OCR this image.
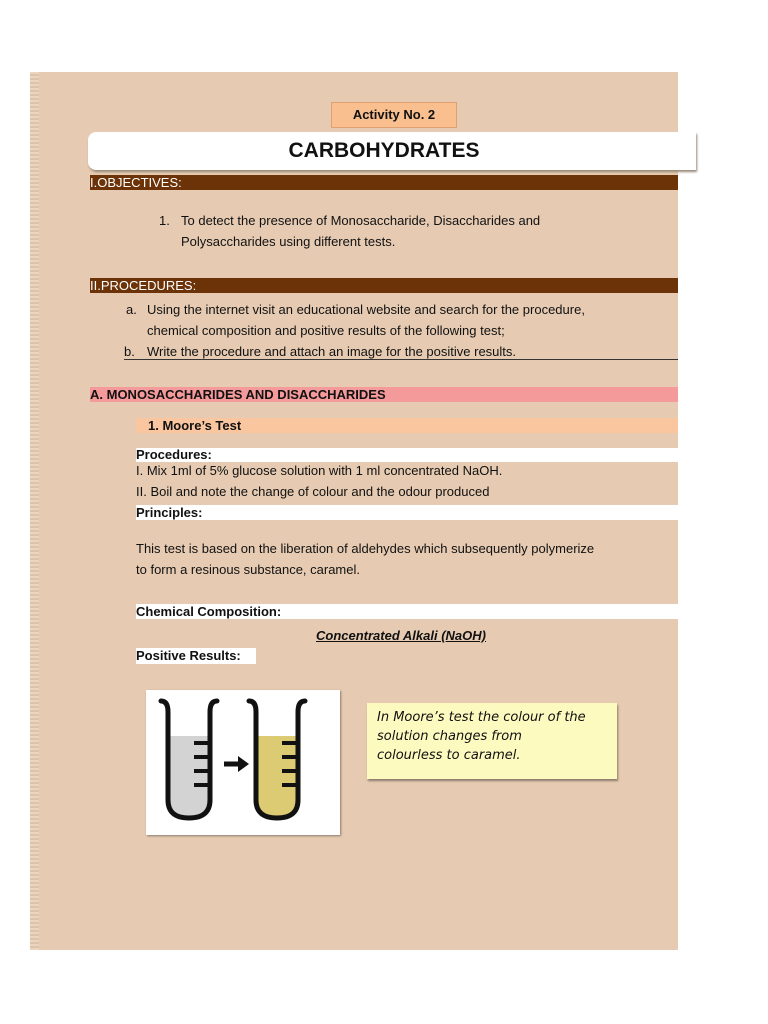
Activity No. 2
CARBOHYDRATES
I.OBJECTIVES:
1. To detect the presence of Monosaccharide, Disaccharides and
Polysaccharides using different tests.
II.PROCEDURES:
a. Using the internet visit an educational website and search for the procedure,
chemical composition and positive results of the following test;
b. Write the procedure and attach an image for the positive results.
A. MONOSACCHARIDES AND DISACCHARIDES
1. Moore’s Test
Procedures:
I. Mix 1ml of 5% glucose solution with 1 ml concentrated NaOH.
II. Boil and note the change of colour and the odour produced
Principles:
This test is based on the liberation of aldehydes which subsequently polymerize
to form a resinous substance, caramel.
Chemical Composition:
Concentrated Alkali (NaOH)
Positive Results:
In Moore’s test the colour of the
solution changes from
colourless to caramel.
